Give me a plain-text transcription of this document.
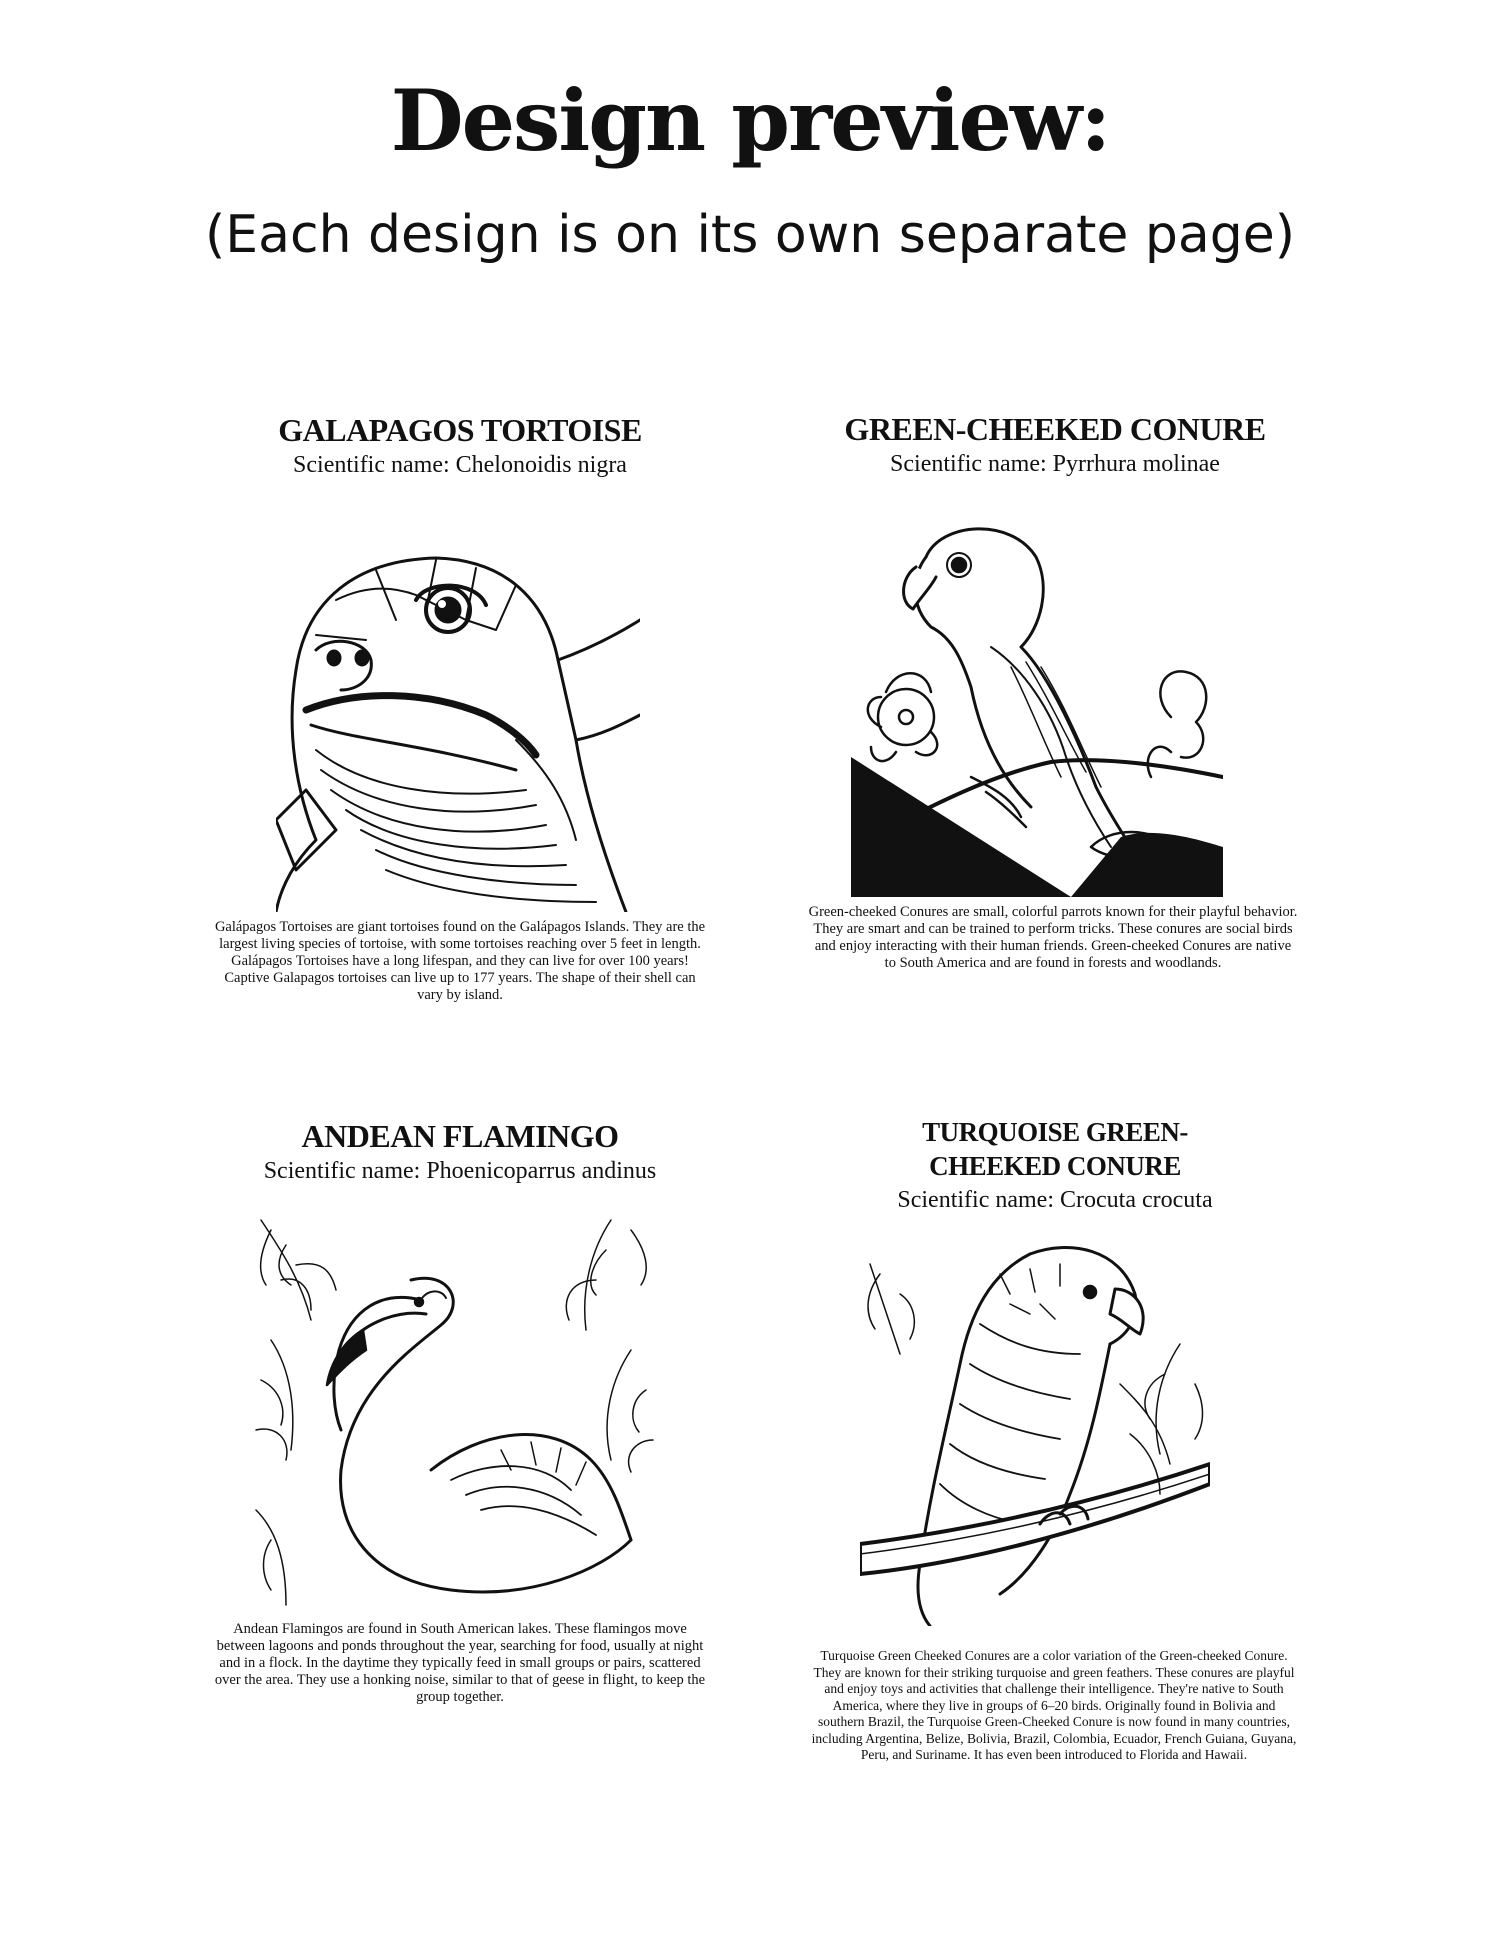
Design preview:
(Each design is on its own separate page)
GALAPAGOS TORTOISE

Scientific name: Chelonoidis nigra

Galápagos Tortoises are giant tortoises found on the Galápagos Islands. They are the largest living species of tortoise, with some tortoises reaching over 5 feet in length. Galápagos Tortoises have a long lifespan, and they can live for over 100 years! Captive Galapagos tortoises can live up to 177 years. The shape of their shell can vary by island.

GREEN-CHEEKED CONURE

Scientific name: Pyrrhura molinae

Green-cheeked Conures are small, colorful parrots known for their playful behavior. They are smart and can be trained to perform tricks. These conures are social birds and enjoy interacting with their human friends. Green-cheeked Conures are native to South America and are found in forests and woodlands.

ANDEAN FLAMINGO

Scientific name: Phoenicoparrus andinus

Andean Flamingos are found in South American lakes. These flamingos move between lagoons and ponds throughout the year, searching for food, usually at night and in a flock. In the daytime they typically feed in small groups or pairs, scattered over the area. They use a honking noise, similar to that of geese in flight, to keep the group together.

TURQUOISE GREEN-CHEEKED CONURE

Scientific name: Crocuta crocuta

Turquoise Green Cheeked Conures are a color variation of the Green-cheeked Conure. They are known for their striking turquoise and green feathers. These conures are playful and enjoy toys and activities that challenge their intelligence. They're native to South America, where they live in groups of 6–20 birds. Originally found in Bolivia and southern Brazil, the Turquoise Green-Cheeked Conure is now found in many countries, including Argentina, Belize, Bolivia, Brazil, Colombia, Ecuador, French Guiana, Guyana, Peru, and Suriname. It has even been introduced to Florida and Hawaii.
